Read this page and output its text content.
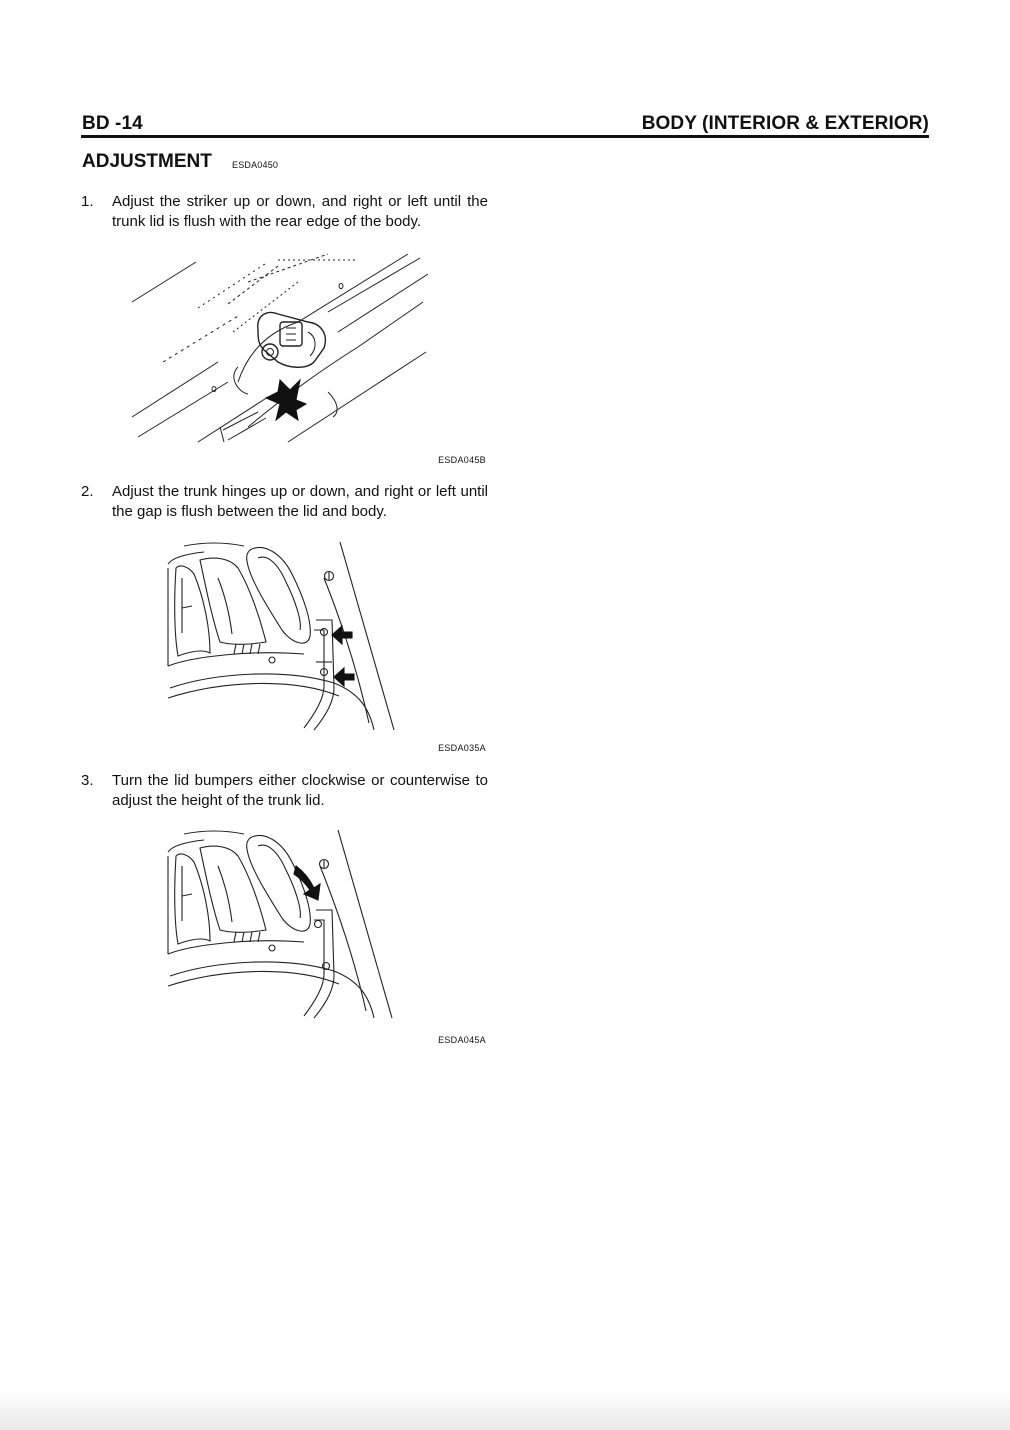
BD -14	BODY (INTERIOR & EXTERIOR)
ADJUSTMENT ESDA0450
1. Adjust the striker up or down, and right or left until the trunk lid is flush with the rear edge of the body.
ESDA045B
2. Adjust the trunk hinges up or down, and right or left until the gap is flush between the lid and body.
ESDA035A
3. Turn the lid bumpers either clockwise or counterwise to adjust the height of the trunk lid.
ESDA045A
